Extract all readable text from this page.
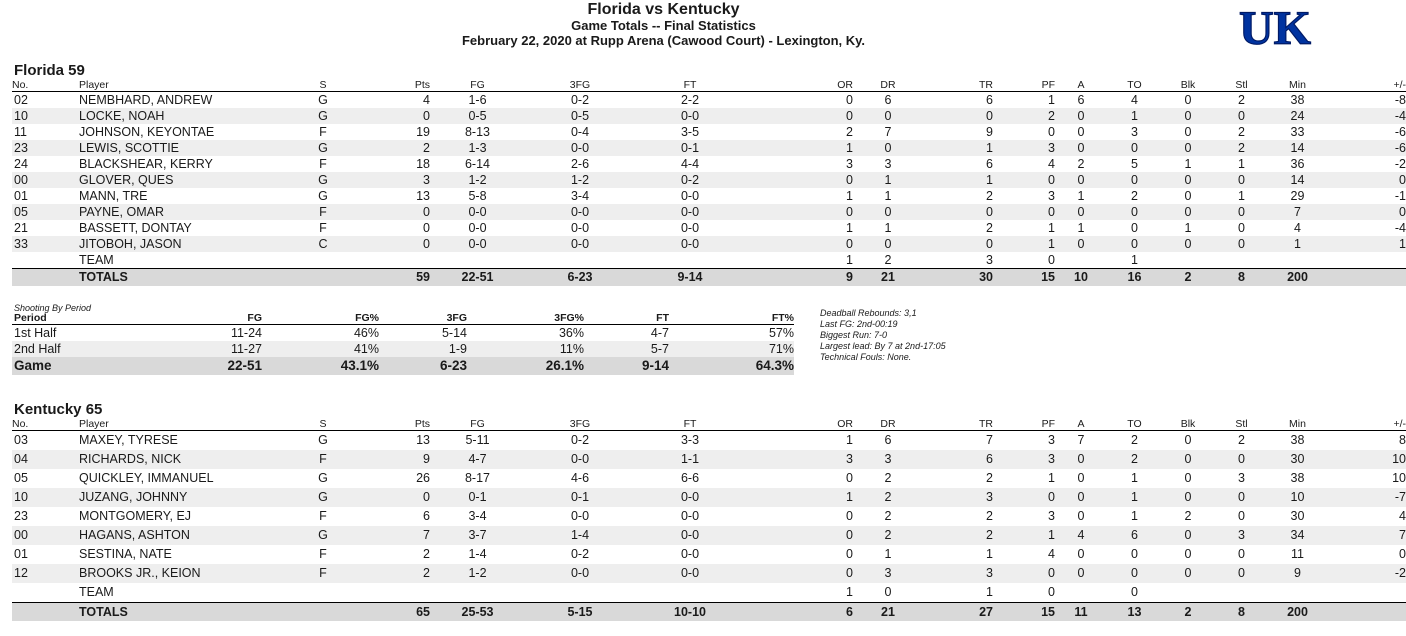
Florida vs Kentucky
Game Totals -- Final Statistics
February 22, 2020 at Rupp Arena (Cawood Court) - Lexington, Ky.	UK
Florida 59
No.	Player	S	Pts	FG	3FG	FT	OR	DR	TR	PF	A	TO	Blk	Stl	Min	+/-
02	NEMBHARD, ANDREW	G	4	1-6	0-2	2-2	0	6	6	1	6	4	0	2	38	-8
10	LOCKE, NOAH	G	0	0-5	0-5	0-0	0	0	0	2	0	1	0	0	24	-4
11	JOHNSON, KEYONTAE	F	19	8-13	0-4	3-5	2	7	9	0	0	3	0	2	33	-6
23	LEWIS, SCOTTIE	G	2	1-3	0-0	0-1	1	0	1	3	0	0	0	2	14	-6
24	BLACKSHEAR, KERRY	F	18	6-14	2-6	4-4	3	3	6	4	2	5	1	1	36	-2
00	GLOVER, QUES	G	3	1-2	1-2	0-2	0	1	1	0	0	0	0	0	14	0
01	MANN, TRE	G	13	5-8	3-4	0-0	1	1	2	3	1	2	0	1	29	-1
05	PAYNE, OMAR	F	0	0-0	0-0	0-0	0	0	0	0	0	0	0	0	7	0
21	BASSETT, DONTAY	F	0	0-0	0-0	0-0	1	1	2	1	1	0	1	0	4	-4
33	JITOBOH, JASON	C	0	0-0	0-0	0-0	0	0	0	1	0	0	0	0	1	1
	TEAM						1	2	3	0		1				
	TOTALS		59	22-51	6-23	9-14	9	21	30	15	10	16	2	8	200	
Shooting By Period
Period	FG	FG%	3FG	3FG%	FT	FT%
1st Half	11-24	46%	5-14	36%	4-7	57%
2nd Half	11-27	41%	1-9	11%	5-7	71%
Game	22-51	43.1%	6-23	26.1%	9-14	64.3%
Deadball Rebounds: 3,1
Last FG: 2nd-00:19
Biggest Run: 7-0
Largest lead: By 7 at 2nd-17:05
Technical Fouls: None.
Kentucky 65
No.	Player	S	Pts	FG	3FG	FT	OR	DR	TR	PF	A	TO	Blk	Stl	Min	+/-
03	MAXEY, TYRESE	G	13	5-11	0-2	3-3	1	6	7	3	7	2	0	2	38	8
04	RICHARDS, NICK	F	9	4-7	0-0	1-1	3	3	6	3	0	2	0	0	30	10
05	QUICKLEY, IMMANUEL	G	26	8-17	4-6	6-6	0	2	2	1	0	1	0	3	38	10
10	JUZANG, JOHNNY	G	0	0-1	0-1	0-0	1	2	3	0	0	1	0	0	10	-7
23	MONTGOMERY, EJ	F	6	3-4	0-0	0-0	0	2	2	3	0	1	2	0	30	4
00	HAGANS, ASHTON	G	7	3-7	1-4	0-0	0	2	2	1	4	6	0	3	34	7
01	SESTINA, NATE	F	2	1-4	0-2	0-0	0	1	1	4	0	0	0	0	11	0
12	BROOKS JR., KEION	F	2	1-2	0-0	0-0	0	3	3	0	0	0	0	0	9	-2
	TEAM						1	0	1	0		0				
	TOTALS		65	25-53	5-15	10-10	6	21	27	15	11	13	2	8	200	
